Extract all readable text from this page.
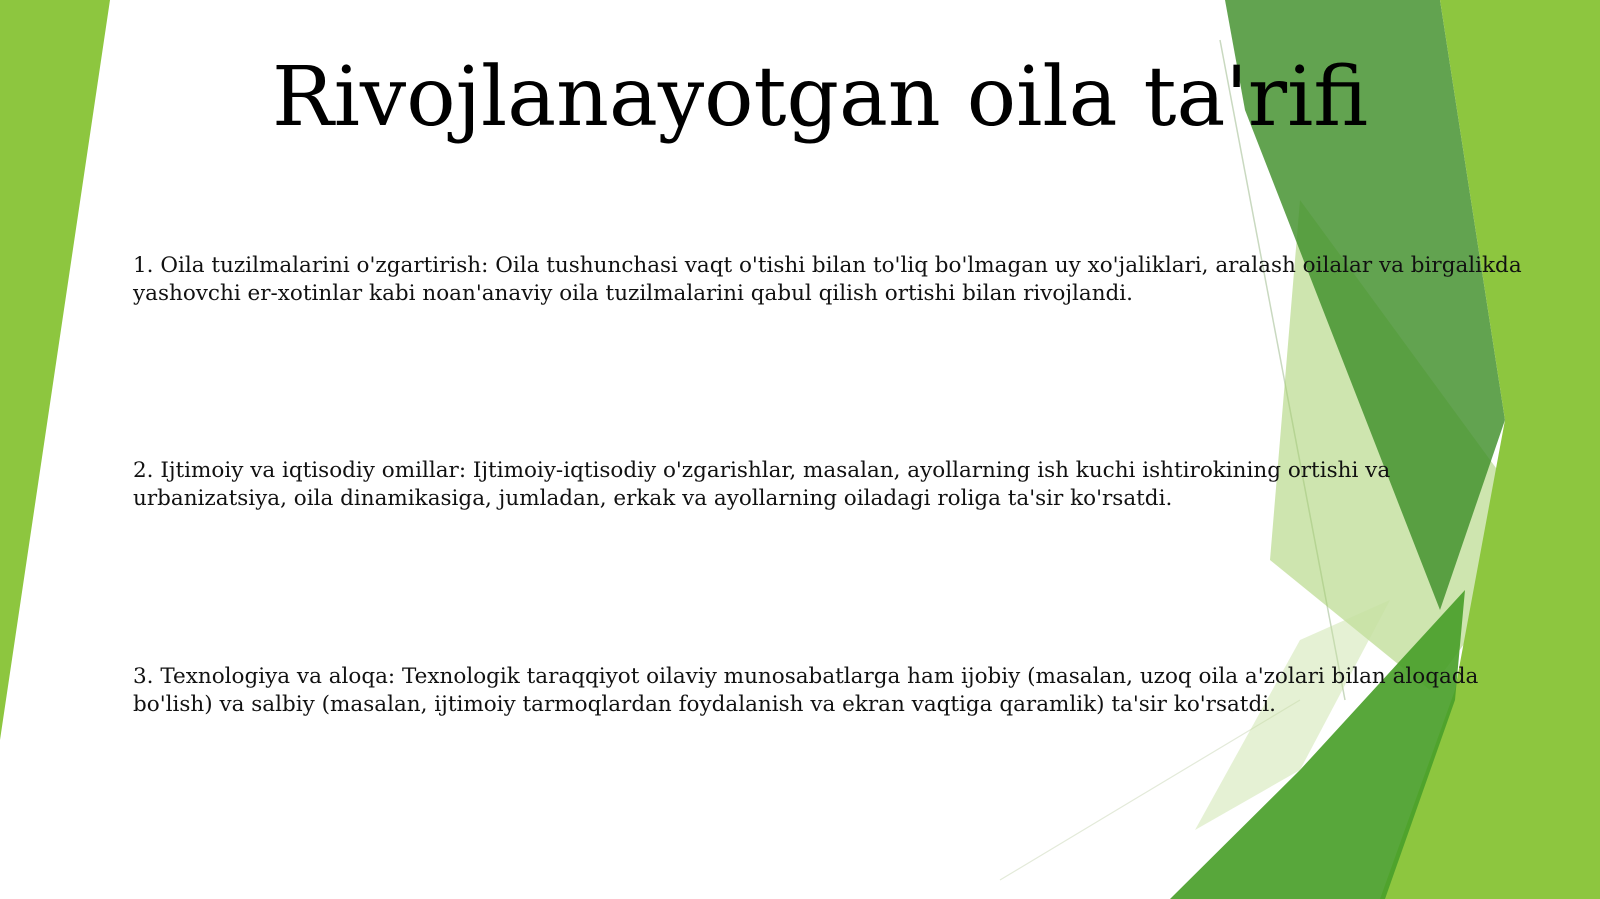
Rivojlanayotgan oila ta'rifi

1. Oila tuzilmalarini o'zgartirish: Oila tushunchasi vaqt o'tishi bilan to'liq bo'lmagan uy xo'jaliklari, aralash oilalar va birgalikda yashovchi er-xotinlar kabi noan'anaviy oila tuzilmalarini qabul qilish ortishi bilan rivojlandi.

2. Ijtimoiy va iqtisodiy omillar: Ijtimoiy-iqtisodiy o'zgarishlar, masalan, ayollarning ish kuchi ishtirokining ortishi va urbanizatsiya, oila dinamikasiga, jumladan, erkak va ayollarning oiladagi roliga ta'sir ko'rsatdi.

3. Texnologiya va aloqa: Texnologik taraqqiyot oilaviy munosabatlarga ham ijobiy (masalan, uzoq oila a'zolari bilan aloqada bo'lish) va salbiy (masalan, ijtimoiy tarmoqlardan foydalanish va ekran vaqtiga qaramlik) ta'sir ko'rsatdi.
